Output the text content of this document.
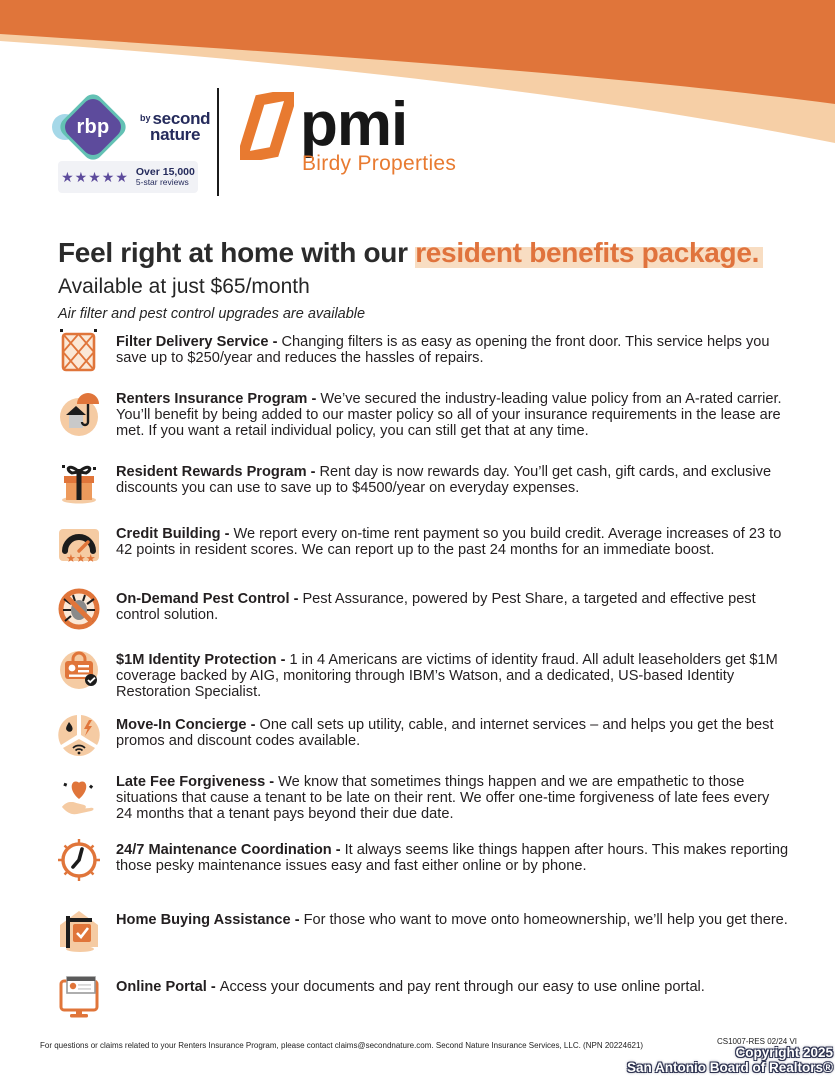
rbp	$^{by}$ second
nature
★★★★★ Over 15,000
5-star reviews
pmi
Birdy Properties
Feel right at home with our resident benefits package.
Available at just $65/month
Air filter and pest control upgrades are available
Filter Delivery Service - Changing filters is as easy as opening the front door. This service helps you save up to $250/year and reduces the hassles of repairs.
Renters Insurance Program - We’ve secured the industry-leading value policy from an A-rated carrier. You’ll benefit by being added to our master policy so all of your insurance requirements in the lease are met. If you want a retail individual policy, you can still get that at any time.
Resident Rewards Program - Rent day is now rewards day. You’ll get cash, gift cards, and exclusive discounts you can use to save up to $4500/year on everyday expenses.
★★★
Credit Building - We report every on-time rent payment so you build credit. Average increases of 23 to 42 points in resident scores. We can report up to the past 24 months for an immediate boost.
On-Demand Pest Control - Pest Assurance, powered by Pest Share, a targeted and effective pest control solution.
$1M Identity Protection - 1 in 4 Americans are victims of identity fraud. All adult leaseholders get $1M coverage backed by AIG, monitoring through IBM’s Watson, and a dedicated, US-based Identity Restoration Specialist.
Move-In Concierge - One call sets up utility, cable, and internet services – and helps you get the best promos and discount codes available.
Late Fee Forgiveness - We know that sometimes things happen and we are empathetic to those situations that cause a tenant to be late on their rent. We offer one-time forgiveness of late fees every 24 months that a tenant pays beyond their due date.
24/7 Maintenance Coordination - It always seems like things happen after hours. This makes reporting those pesky maintenance issues easy and fast either online or by phone.
Home Buying Assistance - For those who want to move onto homeownership, we’ll help you get there.
Online Portal - Access your documents and pay rent through our easy to use online portal.
For questions or claims related to your Renters Insurance Program, please contact claims@secondnature.com. Second Nature Insurance Services, LLC. (NPN 20224621)	CS1007-RES 02/24 VI
Copyright 2025
San Antonio Board of Realtors®
